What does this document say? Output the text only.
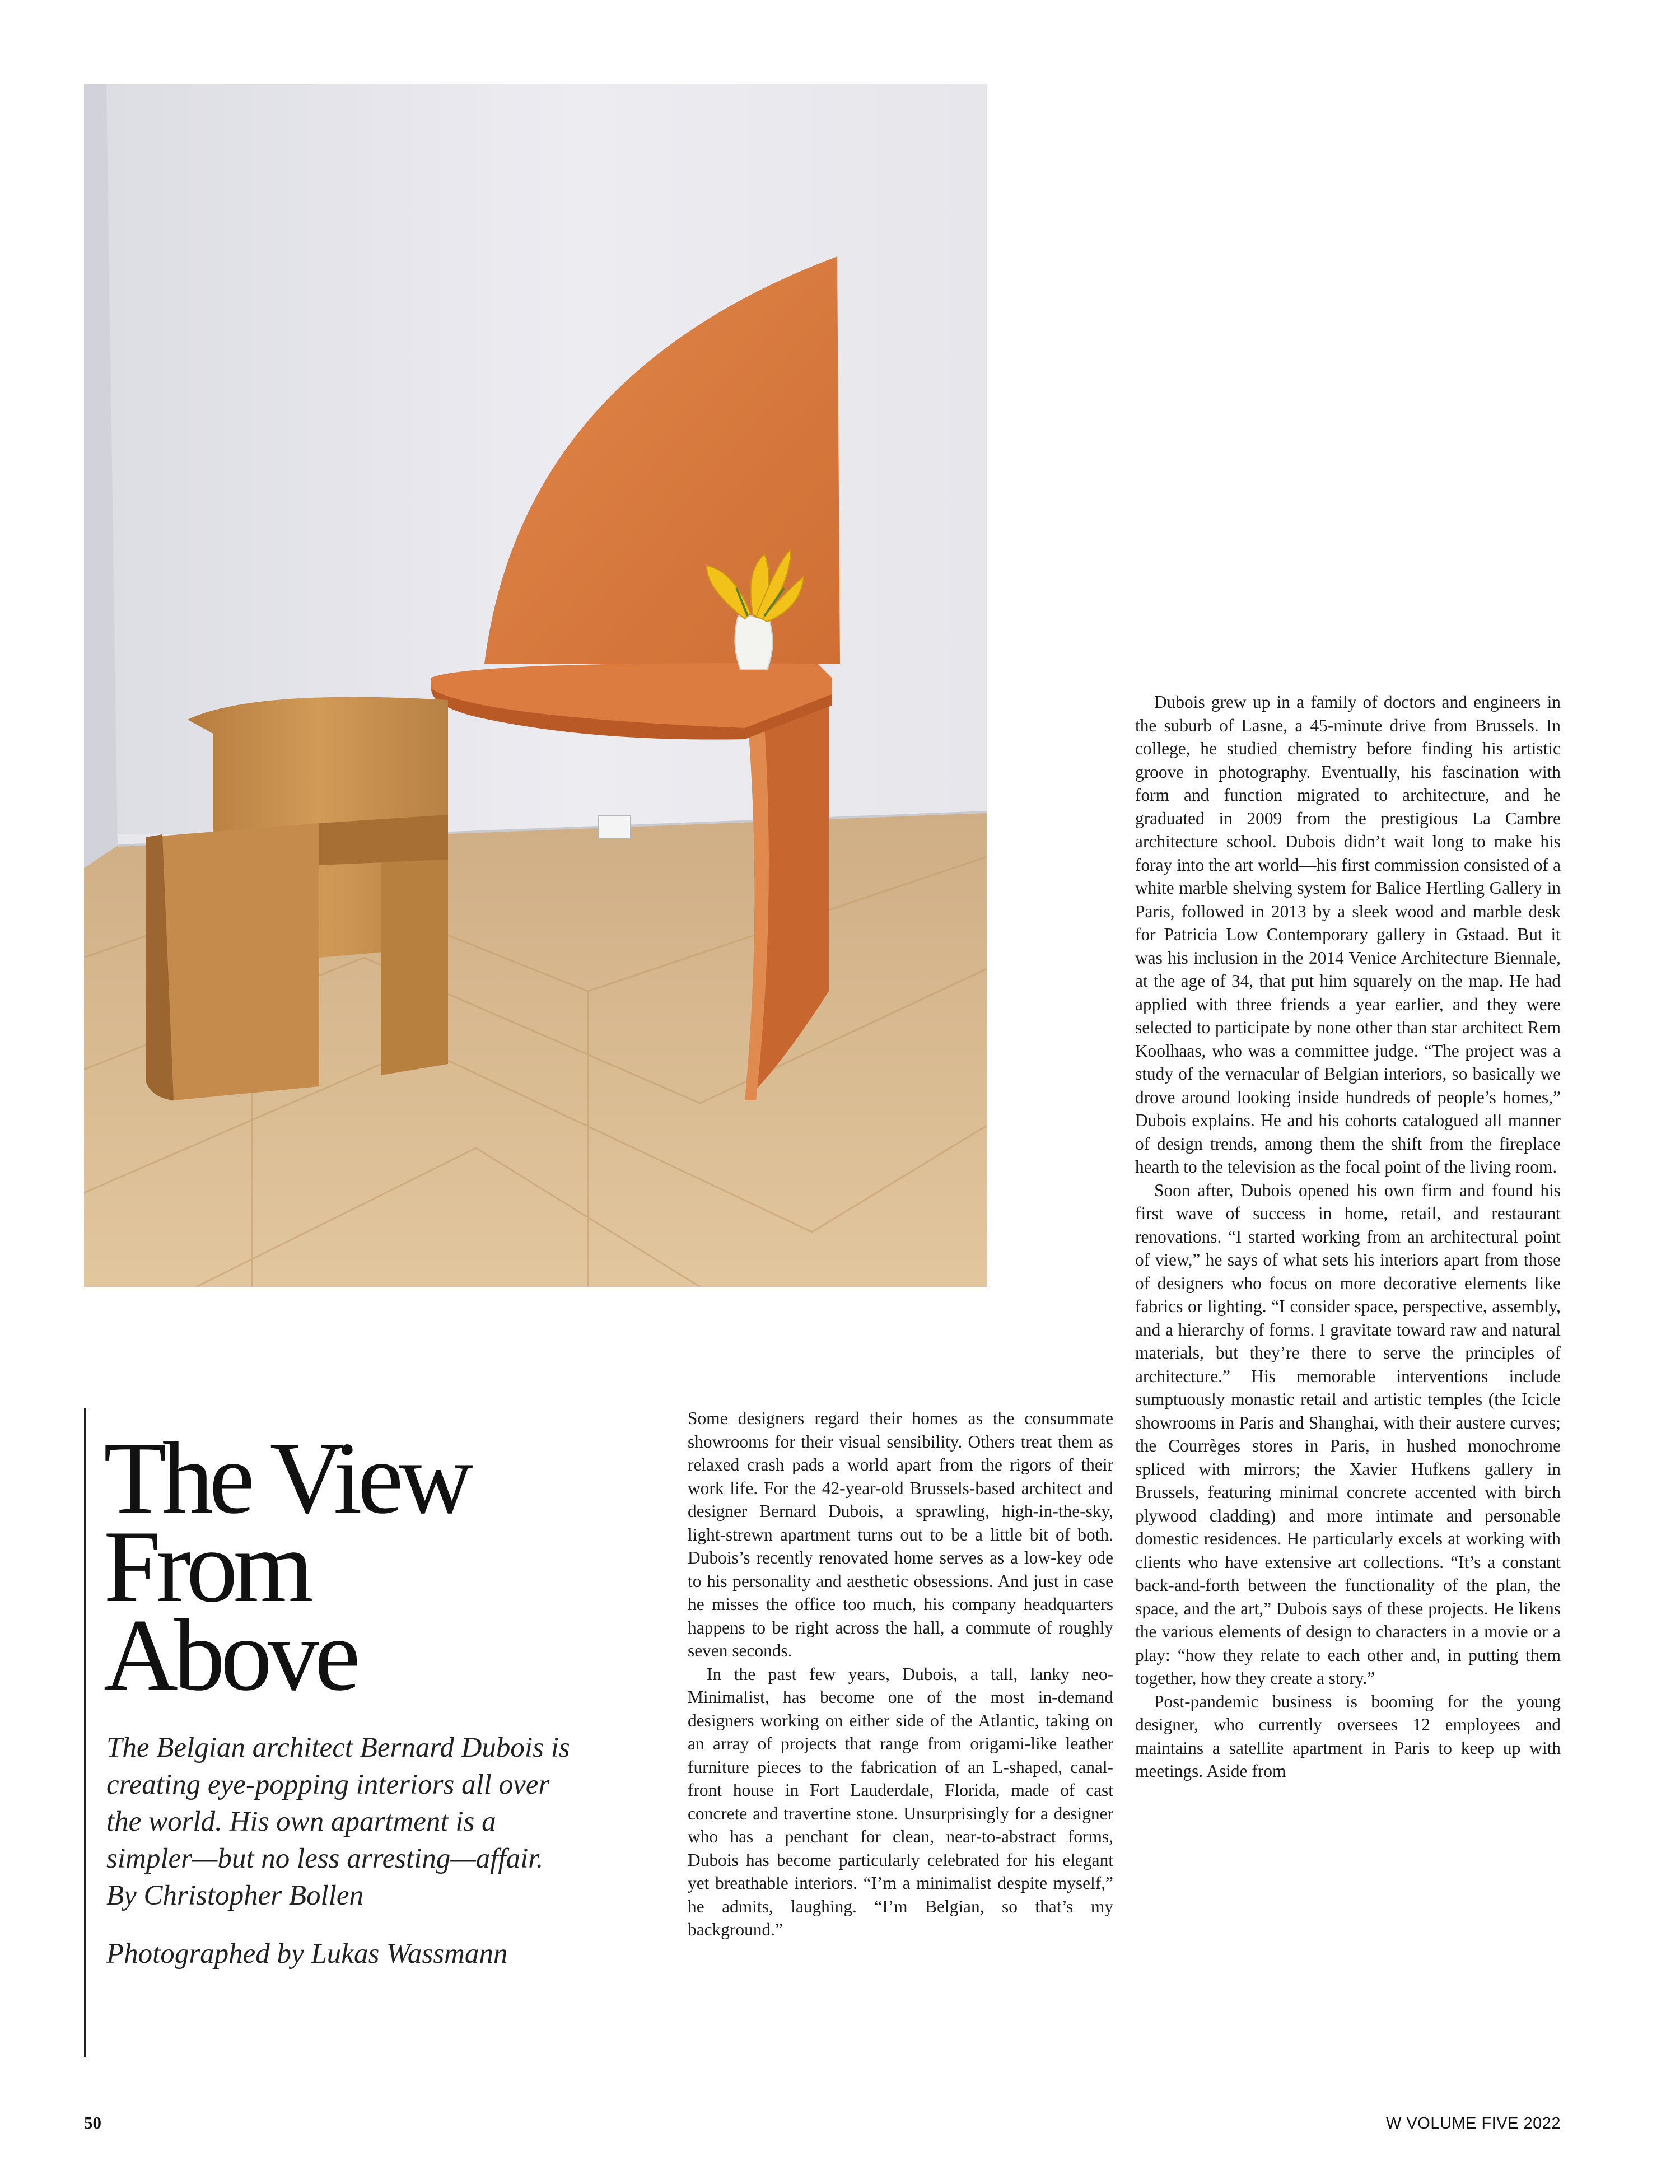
The View
From
Above

The Belgian architect Bernard Dubois is creating eye-popping interiors all over the world. His own apartment is a simpler—but no less arresting—affair. By Christopher Bollen

Photographed by Lukas Wassmann

Some designers regard their homes as the consummate showrooms for their visual sensibility. Others treat them as relaxed crash pads a world apart from the rigors of their work life. For the 42-year-old Brussels-based architect and designer Bernard Dubois, a sprawling, high-in-the-sky, light-strewn apartment turns out to be a little bit of both. Dubois’s recently renovated home serves as a low-key ode to his personality and aesthetic obsessions. And just in case he misses the office too much, his company headquarters happens to be right across the hall, a commute of roughly seven seconds.

In the past few years, Dubois, a tall, lanky neo-Minimalist, has become one of the most in-demand designers working on either side of the Atlantic, taking on an array of projects that range from origami-like leather furniture pieces to the fabrication of an L-shaped, canal-front house in Fort Lauderdale, Florida, made of cast concrete and travertine stone. Unsurprisingly for a designer who has a penchant for clean, near-to-abstract forms, Dubois has become particularly celebrated for his elegant yet breathable interiors. “I’m a minimalist despite myself,” he admits, laughing. “I’m Belgian, so that’s my background.”

Dubois grew up in a family of doctors and engineers in the suburb of Lasne, a 45-minute drive from Brussels. In college, he studied chemistry before finding his artistic groove in photography. Eventually, his fascination with form and function migrated to architecture, and he graduated in 2009 from the prestigious La Cambre architecture school. Dubois didn’t wait long to make his foray into the art world—his first commission consisted of a white marble shelving system for Balice Hertling Gallery in Paris, followed in 2013 by a sleek wood and marble desk for Patricia Low Contemporary gallery in Gstaad. But it was his inclusion in the 2014 Venice Architecture Biennale, at the age of 34, that put him squarely on the map. He had applied with three friends a year earlier, and they were selected to participate by none other than star architect Rem Koolhaas, who was a committee judge. “The project was a study of the vernacular of Belgian interiors, so basically we drove around looking inside hundreds of people’s homes,” Dubois explains. He and his cohorts catalogued all manner of design trends, among them the shift from the fireplace hearth to the television as the focal point of the living room.

Soon after, Dubois opened his own firm and found his first wave of success in home, retail, and restaurant renovations. “I started working from an architectural point of view,” he says of what sets his interiors apart from those of designers who focus on more decorative elements like fabrics or lighting. “I consider space, perspective, assembly, and a hierarchy of forms. I gravitate toward raw and natural materials, but they’re there to serve the principles of architecture.” His memorable interventions include sumptuously monastic retail and artistic temples (the Icicle showrooms in Paris and Shanghai, with their austere curves; the Courrèges stores in Paris, in hushed monochrome spliced with mirrors; the Xavier Hufkens gallery in Brussels, featuring minimal concrete accented with birch plywood cladding) and more intimate and personable domestic residences. He particularly excels at working with clients who have extensive art collections. “It’s a constant back-and-forth between the functionality of the plan, the space, and the art,” Dubois says of these projects. He likens the various elements of design to characters in a movie or a play: “how they relate to each other and, in putting them together, how they create a story.”

Post-pandemic business is booming for the young designer, who currently oversees 12 employees and maintains a satellite apartment in Paris to keep up with meetings. Aside from

50	W VOLUME FIVE 2022
